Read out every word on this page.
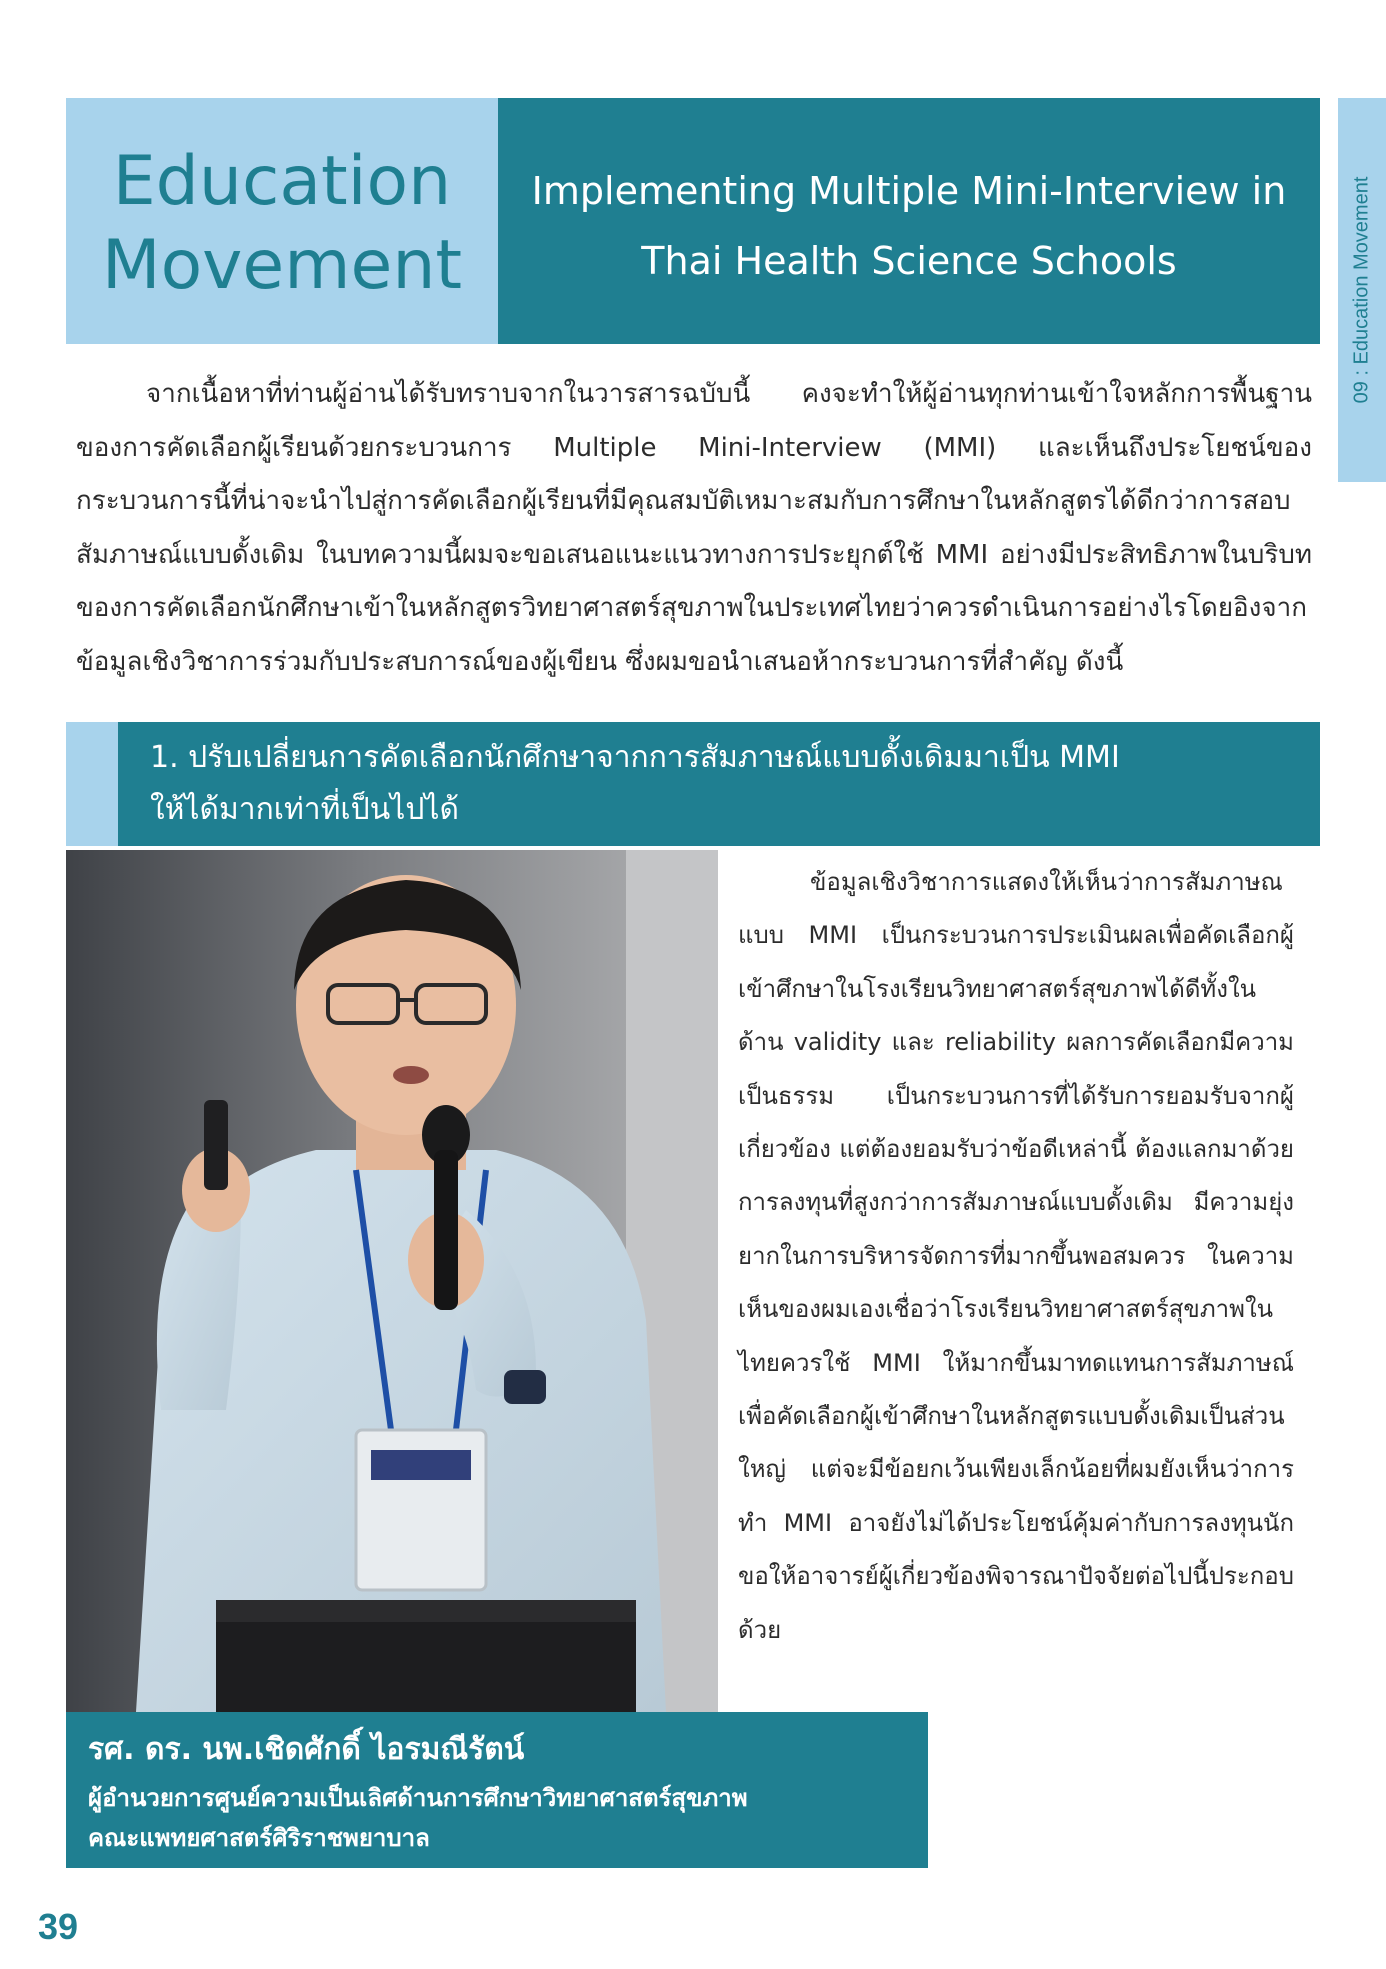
09 : Education Movement
Education
Movement
Implementing Multiple Mini-Interview in
Thai Health Science Schools
จากเนื้อหาที่ท่านผู้อ่านได้รับทราบจากในวารสารฉบับนี้ คงจะทำให้ผู้อ่านทุกท่านเข้าใจหลักการพื้นฐานของการคัดเลือกผู้เรียนด้วยกระบวนการ Multiple Mini-Interview (MMI) และเห็นถึงประโยชน์ของกระบวนการนี้ที่น่าจะนำไปสู่การคัดเลือกผู้เรียนที่มีคุณสมบัติเหมาะสมกับการศึกษาในหลักสูตรได้ดีกว่าการสอบสัมภาษณ์แบบดั้งเดิม ในบทความนี้ผมจะขอเสนอแนะแนวทางการประยุกต์ใช้ MMI อย่างมีประสิทธิภาพในบริบทของการคัดเลือกนักศึกษาเข้าในหลักสูตรวิทยาศาสตร์สุขภาพในประเทศไทยว่าควรดำเนินการอย่างไรโดยอิงจากข้อมูลเชิงวิชาการร่วมกับประสบการณ์ของผู้เขียน ซึ่งผมขอนำเสนอห้ากระบวนการที่สำคัญ ดังนี้
1. ปรับเปลี่ยนการคัดเลือกนักศึกษาจากการสัมภาษณ์แบบดั้งเดิมมาเป็น MMI
ให้ได้มากเท่าที่เป็นไปได้
ข้อมูลเชิงวิชาการแสดงให้เห็นว่าการสัมภาษณแบบ MMI เป็นกระบวนการประเมินผลเพื่อคัดเลือกผู้เข้าศึกษาในโรงเรียนวิทยาศาสตร์สุขภาพได้ดีทั้งในด้าน validity และ reliability ผลการคัดเลือกมีความเป็นธรรม เป็นกระบวนการที่ได้รับการยอมรับจากผู้เกี่ยวข้อง แต่ต้องยอมรับว่าข้อดีเหล่านี้ ต้องแลกมาด้วยการลงทุนที่สูงกว่าการสัมภาษณ์แบบดั้งเดิม มีความยุ่งยากในการบริหารจัดการที่มากขึ้นพอสมควร ในความเห็นของผมเองเชื่อว่าโรงเรียนวิทยาศาสตร์สุขภาพในไทยควรใช้ MMI ให้มากขึ้นมาทดแทนการสัมภาษณ์เพื่อคัดเลือกผู้เข้าศึกษาในหลักสูตรแบบดั้งเดิมเป็นส่วนใหญ่ แต่จะมีข้อยกเว้นเพียงเล็กน้อยที่ผมยังเห็นว่าการทำ MMI อาจยังไม่ได้ประโยชน์คุ้มค่ากับการลงทุนนักขอให้อาจารย์ผู้เกี่ยวข้องพิจารณาปัจจัยต่อไปนี้ประกอบด้วย
รศ. ดร. นพ.เชิดศักดิ์ ไอรมณีรัตน์
ผู้อำนวยการศูนย์ความเป็นเลิศด้านการศึกษาวิทยาศาสตร์สุขภาพ
คณะแพทยศาสตร์ศิริราชพยาบาล
39
